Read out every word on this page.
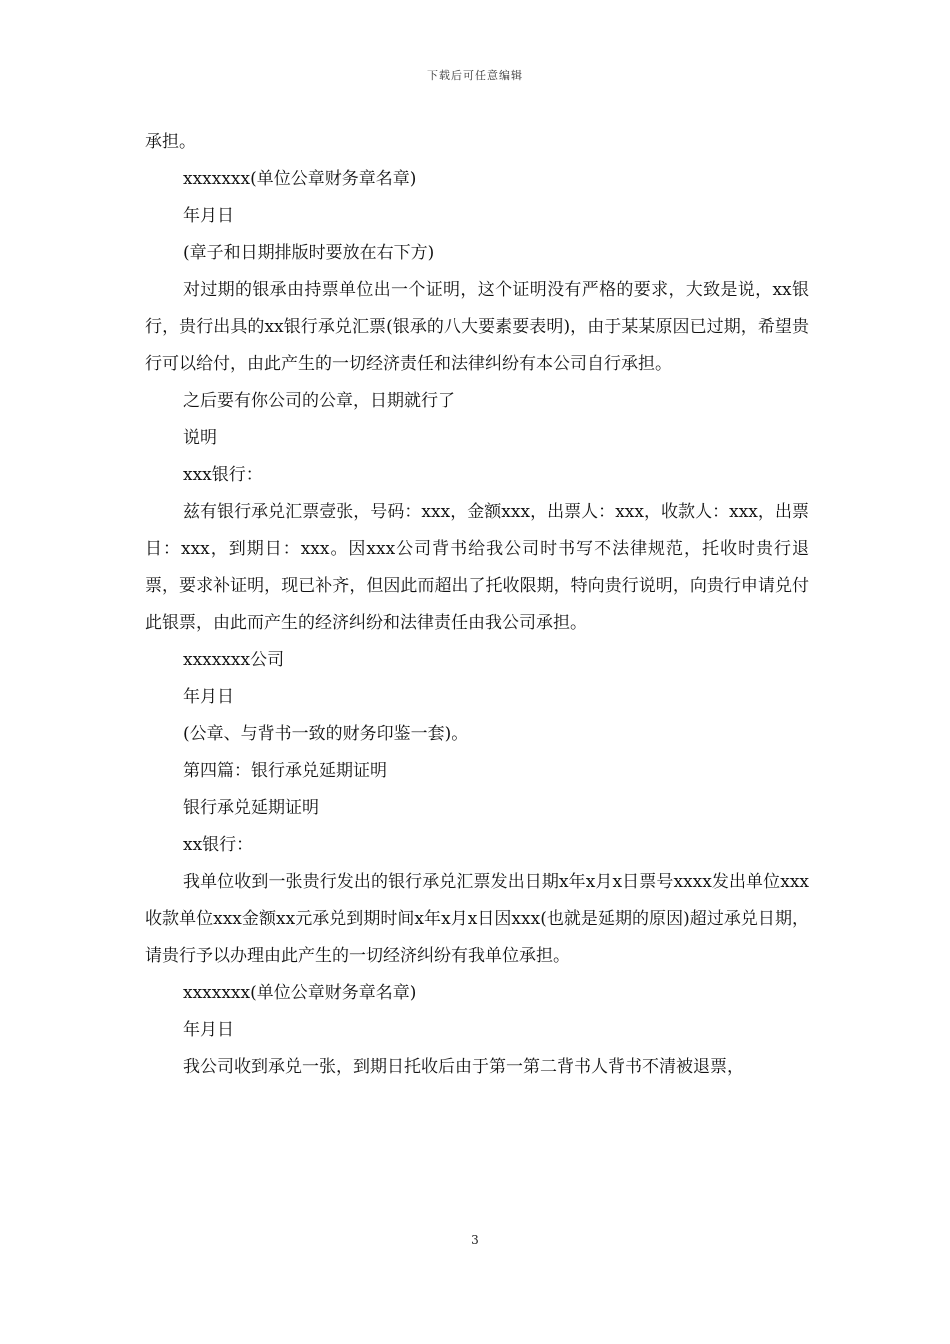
下载后可任意编辑

承担。

xxxxxxx(单位公章财务章名章)

年月日

(章子和日期排版时要放在右下方)

对过期的银承由持票单位出一个证明，这个证明没有严格的要求，大致是说，xx银行，贵行出具的xx银行承兑汇票(银承的八大要素要表明)，由于某某原因已过期，希望贵行可以给付，由此产生的一切经济责任和法律纠纷有本公司自行承担。

之后要有你公司的公章，日期就行了

说明

xxx银行：

兹有银行承兑汇票壹张，号码：xxx，金额xxx，出票人：xxx，收款人：xxx，出票日：xxx，到期日：xxx。因xxx公司背书给我公司时书写不法律规范，托收时贵行退票，要求补证明，现已补齐，但因此而超出了托收限期，特向贵行说明，向贵行申请兑付此银票，由此而产生的经济纠纷和法律责任由我公司承担。

xxxxxxx公司

年月日

(公章、与背书一致的财务印鉴一套)。

第四篇：银行承兑延期证明

银行承兑延期证明

xx银行：

我单位收到一张贵行发出的银行承兑汇票发出日期x年x月x日票号xxxx发出单位xxx收款单位xxx金额xx元承兑到期时间x年x月x日因xxx(也就是延期的原因)超过承兑日期，请贵行予以办理由此产生的一切经济纠纷有我单位承担。

xxxxxxx(单位公章财务章名章)

年月日

我公司收到承兑一张，到期日托收后由于第一第二背书人背书不清被退票，

3
